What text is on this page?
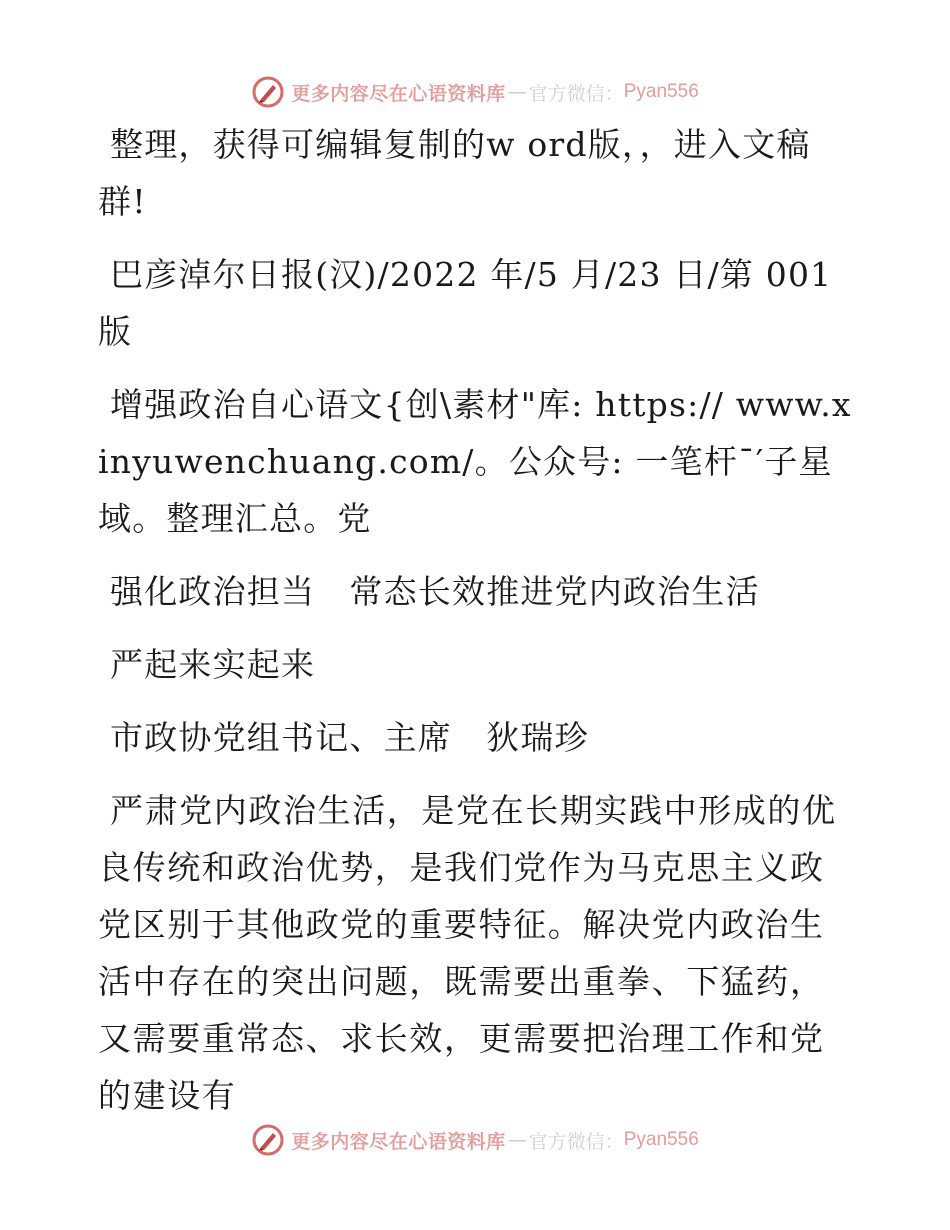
更多内容尽在心语资料库 — 官方微信： Pyan556

整理，获得可编辑复制的w ord版，，进入文稿群!

巴彦淖尔日报(汉)/2022 年/5 月/23 日/第 001 版

增强政治自心语文{创\素材"库: https:// www.xinyuwenchuang.com/。公众号: 一笔杆¯′子星域。整理汇总。党

强化政治担当　常态长效推进党内政治生活

严起来实起来

市政协党组书记、主席　狄瑞珍

严肃党内政治生活，是党在长期实践中形成的优良传统和政治优势，是我们党作为马克思主义政党区别于其他政党的重要特征。解决党内政治生活中存在的突出问题，既需要出重拳、下猛药，又需要重常态、求长效，更需要把治理工作和党的建设有

更多内容尽在心语资料库 — 官方微信： Pyan556
